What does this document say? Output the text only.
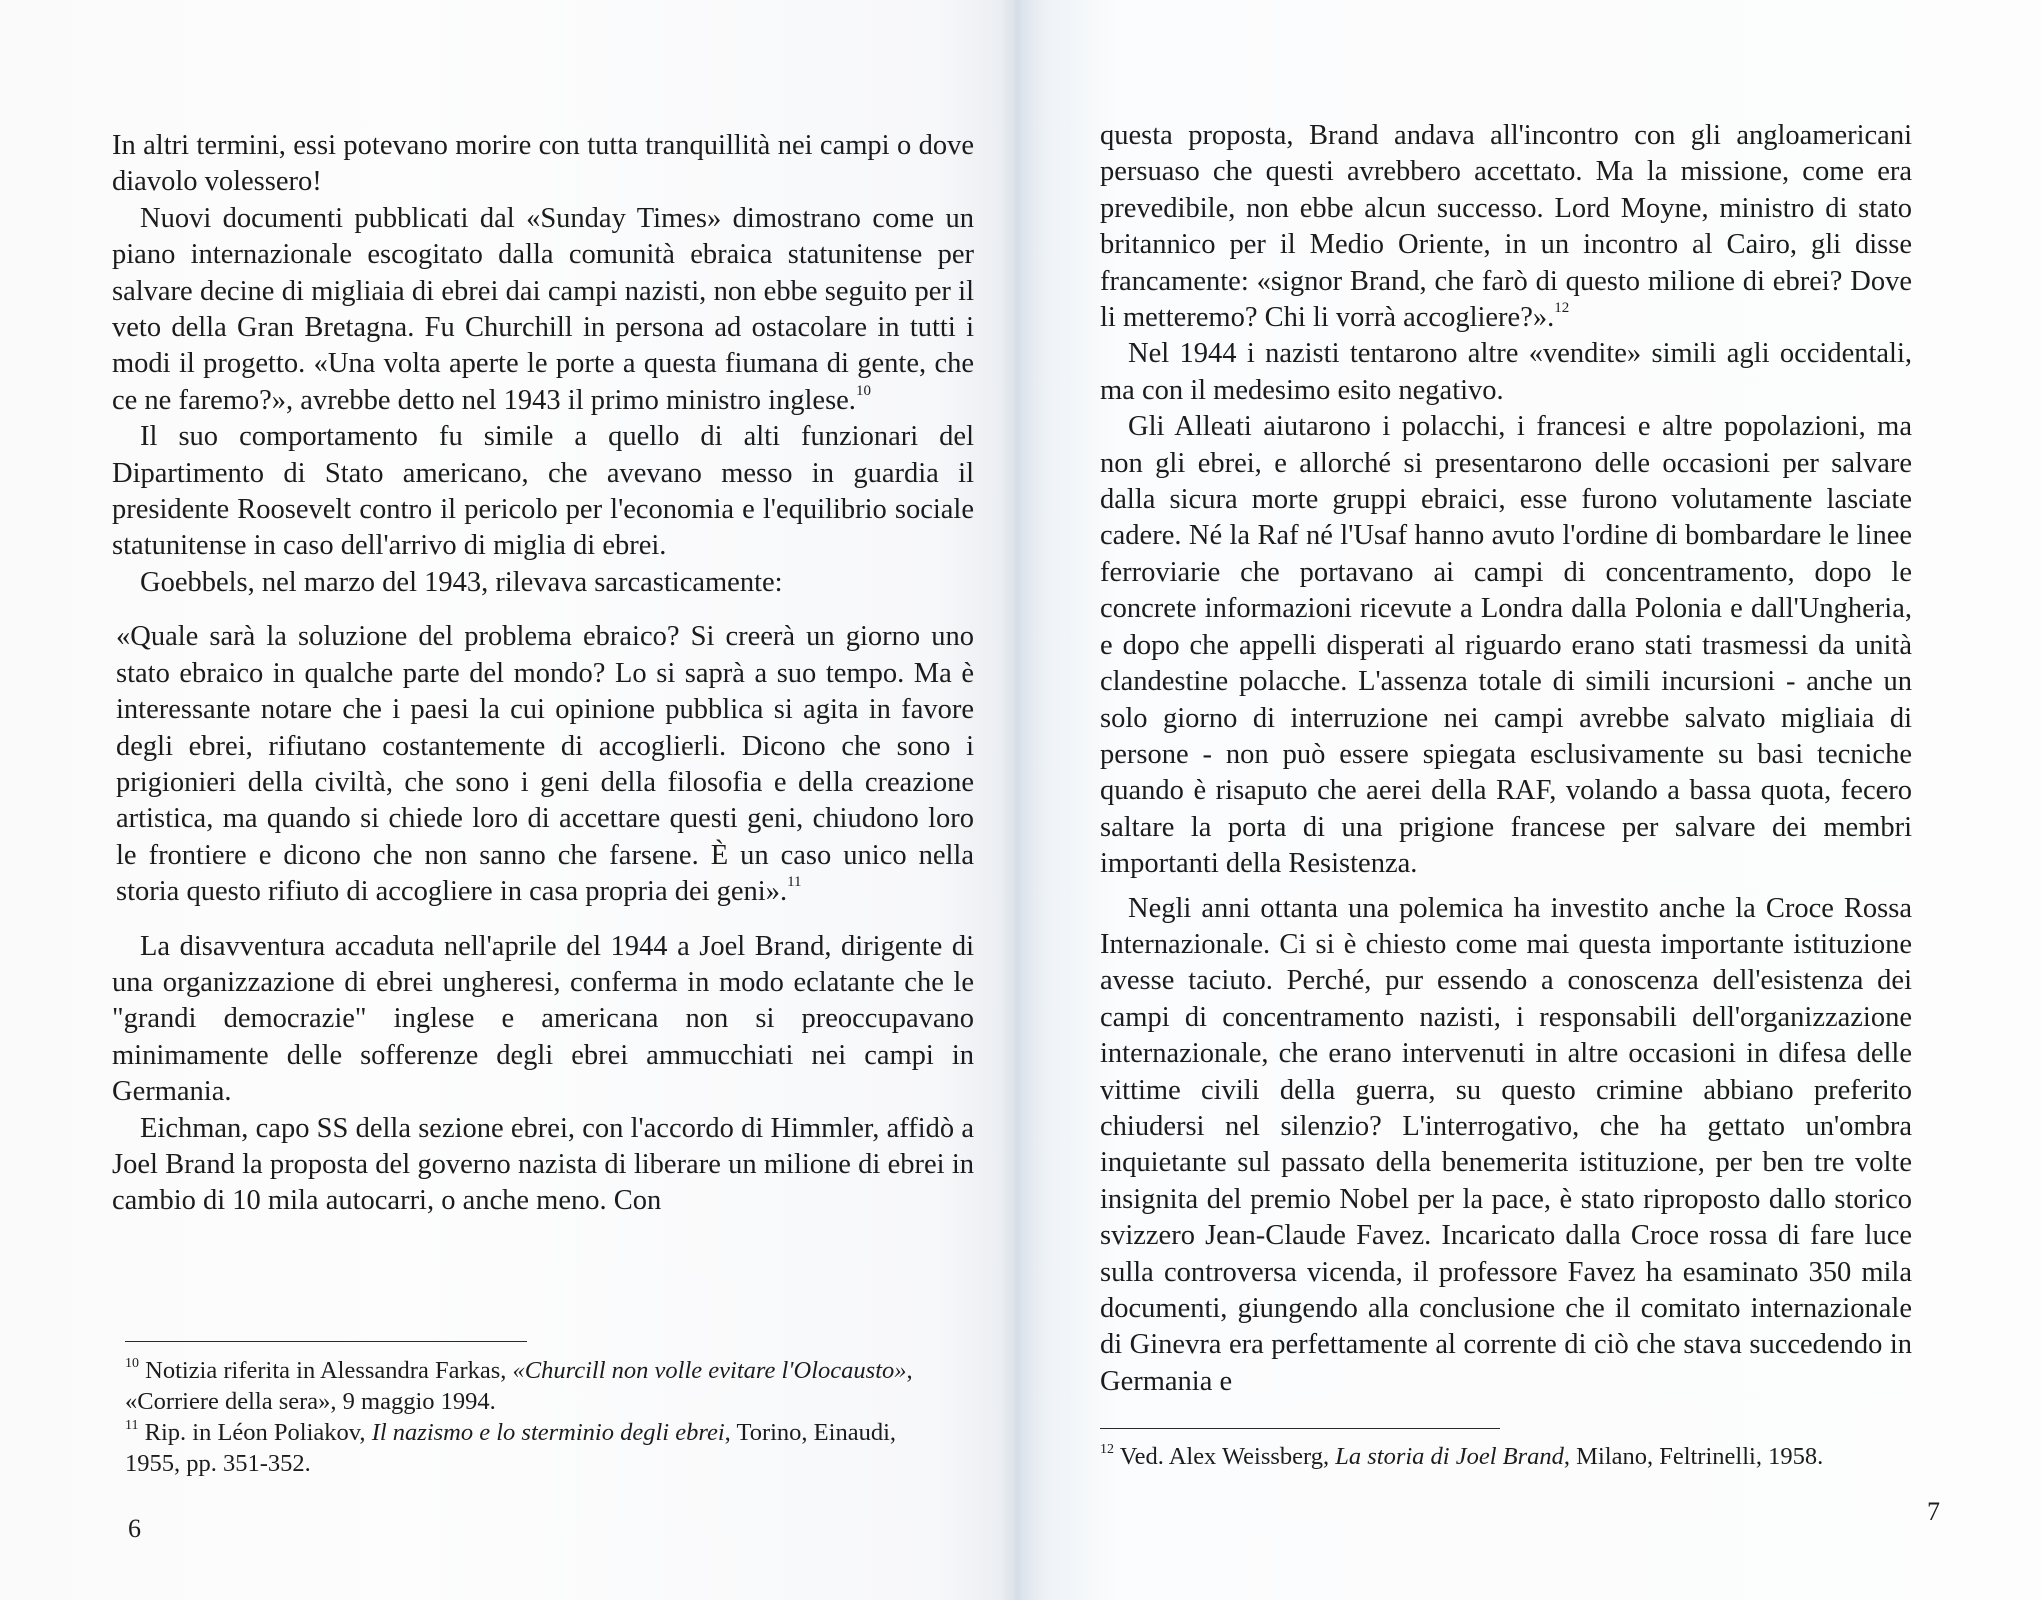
In altri termini, essi potevano morire con tutta tranquillità nei campi o dove diavolo volessero!

Nuovi documenti pubblicati dal «Sunday Times» dimostrano come un piano internazionale escogitato dalla comunità ebraica statunitense per salvare decine di migliaia di ebrei dai campi nazisti, non ebbe seguito per il veto della Gran Bretagna. Fu Churchill in persona ad ostacolare in tutti i modi il progetto. «Una volta aperte le porte a questa fiumana di gente, che ce ne faremo?», avrebbe detto nel 1943 il primo ministro inglese.$^{10}$

Il suo comportamento fu simile a quello di alti funzionari del Dipartimento di Stato americano, che avevano messo in guardia il presidente Roosevelt contro il pericolo per l'economia e l'equilibrio sociale statunitense in caso dell'arrivo di miglia di ebrei.

Goebbels, nel marzo del 1943, rilevava sarcasticamente:

«Quale sarà la soluzione del problema ebraico? Si creerà un giorno uno stato ebraico in qualche parte del mondo? Lo si saprà a suo tempo. Ma è interessante notare che i paesi la cui opinione pubblica si agita in favore degli ebrei, rifiutano costantemente di accoglierli. Dicono che sono i prigionieri della civiltà, che sono i geni della filosofia e della creazione artistica, ma quando si chiede loro di accettare questi geni, chiudono loro le frontiere e dicono che non sanno che farsene. È un caso unico nella storia questo rifiuto di accogliere in casa propria dei geni».$^{11}$

La disavventura accaduta nell'aprile del 1944 a Joel Brand, dirigente di una organizzazione di ebrei ungheresi, conferma in modo eclatante che le "grandi democrazie" inglese e americana non si preoccupavano minimamente delle sofferenze degli ebrei ammucchiati nei campi in Germania.

Eichman, capo SS della sezione ebrei, con l'accordo di Himmler, affidò a Joel Brand la proposta del governo nazista di liberare un milione di ebrei in cambio di 10 mila autocarri, o anche meno. Con

$^{10}$ Notizia riferita in Alessandra Farkas, «Churcill non volle evitare l'Olocausto», «Corriere della sera», 9 maggio 1994.

$^{11}$ Rip. in Léon Poliakov, Il nazismo e lo sterminio degli ebrei, Torino, Einaudi, 1955, pp. 351-352.

6

questa proposta, Brand andava all'incontro con gli angloamericani persuaso che questi avrebbero accettato. Ma la missione, come era prevedibile, non ebbe alcun successo. Lord Moyne, ministro di stato britannico per il Medio Oriente, in un incontro al Cairo, gli disse francamente: «signor Brand, che farò di questo milione di ebrei? Dove li metteremo? Chi li vorrà accogliere?».$^{12}$

Nel 1944 i nazisti tentarono altre «vendite» simili agli occidentali, ma con il medesimo esito negativo.

Gli Alleati aiutarono i polacchi, i francesi e altre popolazioni, ma non gli ebrei, e allorché si presentarono delle occasioni per salvare dalla sicura morte gruppi ebraici, esse furono volutamente lasciate cadere. Né la Raf né l'Usaf hanno avuto l'ordine di bombardare le linee ferroviarie che portavano ai campi di concentramento, dopo le concrete informazioni ricevute a Londra dalla Polonia e dall'Ungheria, e dopo che appelli disperati al riguardo erano stati trasmessi da unità clandestine polacche. L'assenza totale di simili incursioni - anche un solo giorno di interruzione nei campi avrebbe salvato migliaia di persone - non può essere spiegata esclusivamente su basi tecniche quando è risaputo che aerei della RAF, volando a bassa quota, fecero saltare la porta di una prigione francese per salvare dei membri importanti della Resistenza.

Negli anni ottanta una polemica ha investito anche la Croce Rossa Internazionale. Ci si è chiesto come mai questa importante istituzione avesse taciuto. Perché, pur essendo a conoscenza dell'esistenza dei campi di concentramento nazisti, i responsabili dell'organizzazione internazionale, che erano intervenuti in altre occasioni in difesa delle vittime civili della guerra, su questo crimine abbiano preferito chiudersi nel silenzio? L'interrogativo, che ha gettato un'ombra inquietante sul passato della benemerita istituzione, per ben tre volte insignita del premio Nobel per la pace, è stato riproposto dallo storico svizzero Jean-Claude Favez. Incaricato dalla Croce rossa di fare luce sulla controversa vicenda, il professore Favez ha esaminato 350 mila documenti, giungendo alla conclusione che il comitato internazionale di Ginevra era perfettamente al corrente di ciò che stava succedendo in Germania e

$^{12}$ Ved. Alex Weissberg, La storia di Joel Brand, Milano, Feltrinelli, 1958.

7
